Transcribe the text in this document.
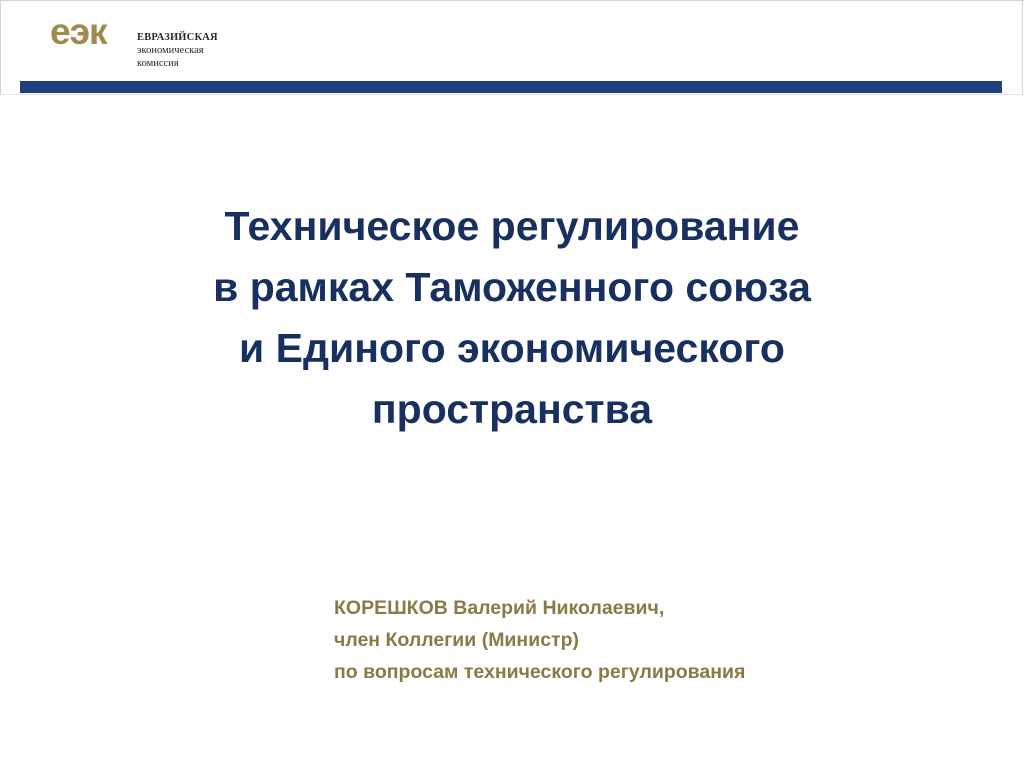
еэк	ЕВРАЗИЙСКАЯ
экономическая
комиссия
Техническое регулирование
в рамках Таможенного союза
и Единого экономического
пространства
КОРЕШКОВ Валерий Николаевич,
член Коллегии (Министр)
по вопросам технического регулирования
